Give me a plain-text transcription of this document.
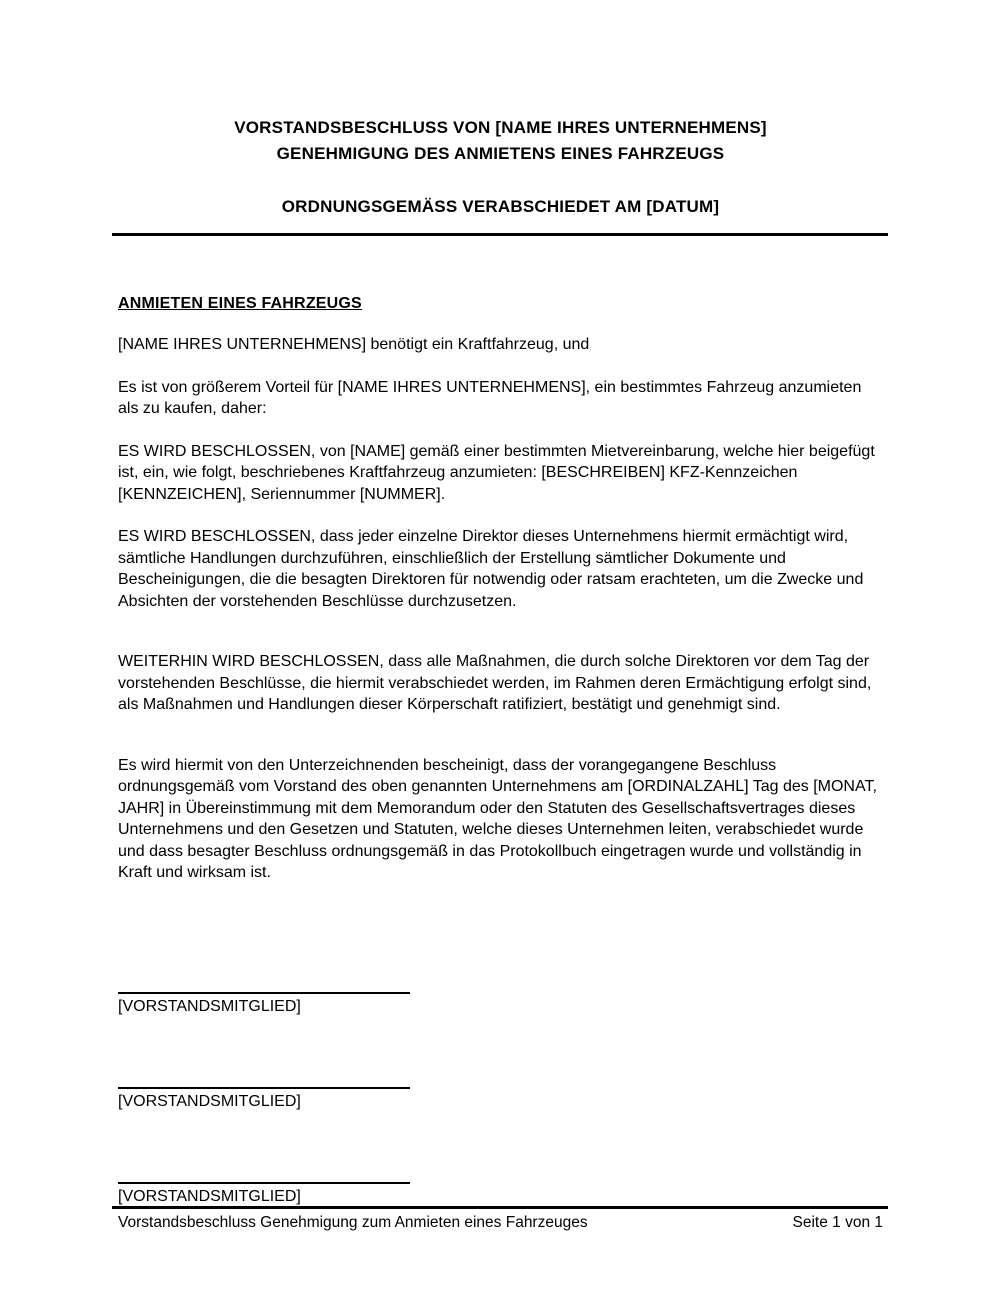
VORSTANDSBESCHLUSS VON [NAME IHRES UNTERNEHMENS]
GENEHMIGUNG DES ANMIETENS EINES FAHRZEUGS
ORDNUNGSGEMÄSS VERABSCHIEDET AM [DATUM]
ANMIETEN EINES FAHRZEUGS

[NAME IHRES UNTERNEHMENS] benötigt ein Kraftfahrzeug, und

Es ist von größerem Vorteil für [NAME IHRES UNTERNEHMENS], ein bestimmtes Fahrzeug anzumieten als zu kaufen, daher:

ES WIRD BESCHLOSSEN, von [NAME] gemäß einer bestimmten Mietvereinbarung, welche hier beigefügt ist, ein, wie folgt, beschriebenes Kraftfahrzeug anzumieten: [BESCHREIBEN] KFZ-Kennzeichen [KENNZEICHEN], Seriennummer [NUMMER].

ES WIRD BESCHLOSSEN, dass jeder einzelne Direktor dieses Unternehmens hiermit ermächtigt wird, sämtliche Handlungen durchzuführen, einschließlich der Erstellung sämtlicher Dokumente und Bescheinigungen, die die besagten Direktoren für notwendig oder ratsam erachteten, um die Zwecke und Absichten der vorstehenden Beschlüsse durchzusetzen.

WEITERHIN WIRD BESCHLOSSEN, dass alle Maßnahmen, die durch solche Direktoren vor dem Tag der vorstehenden Beschlüsse, die hiermit verabschiedet werden, im Rahmen deren Ermächtigung erfolgt sind, als Maßnahmen und Handlungen dieser Körperschaft ratifiziert, bestätigt und genehmigt sind.

Es wird hiermit von den Unterzeichnenden bescheinigt, dass der vorangegangene Beschluss ordnungsgemäß vom Vorstand des oben genannten Unternehmens am [ORDINALZAHL] Tag des [MONAT, JAHR] in Übereinstimmung mit dem Memorandum oder den Statuten des Gesellschaftsvertrages dieses Unternehmens und den Gesetzen und Statuten, welche dieses Unternehmen leiten, verabschiedet wurde und dass besagter Beschluss ordnungsgemäß in das Protokollbuch eingetragen wurde und vollständig in Kraft und wirksam ist.

[VORSTANDSMITGLIED]
[VORSTANDSMITGLIED]
[VORSTANDSMITGLIED]
Vorstandsbeschluss Genehmigung zum Anmieten eines Fahrzeuges	Seite 1 von 1
